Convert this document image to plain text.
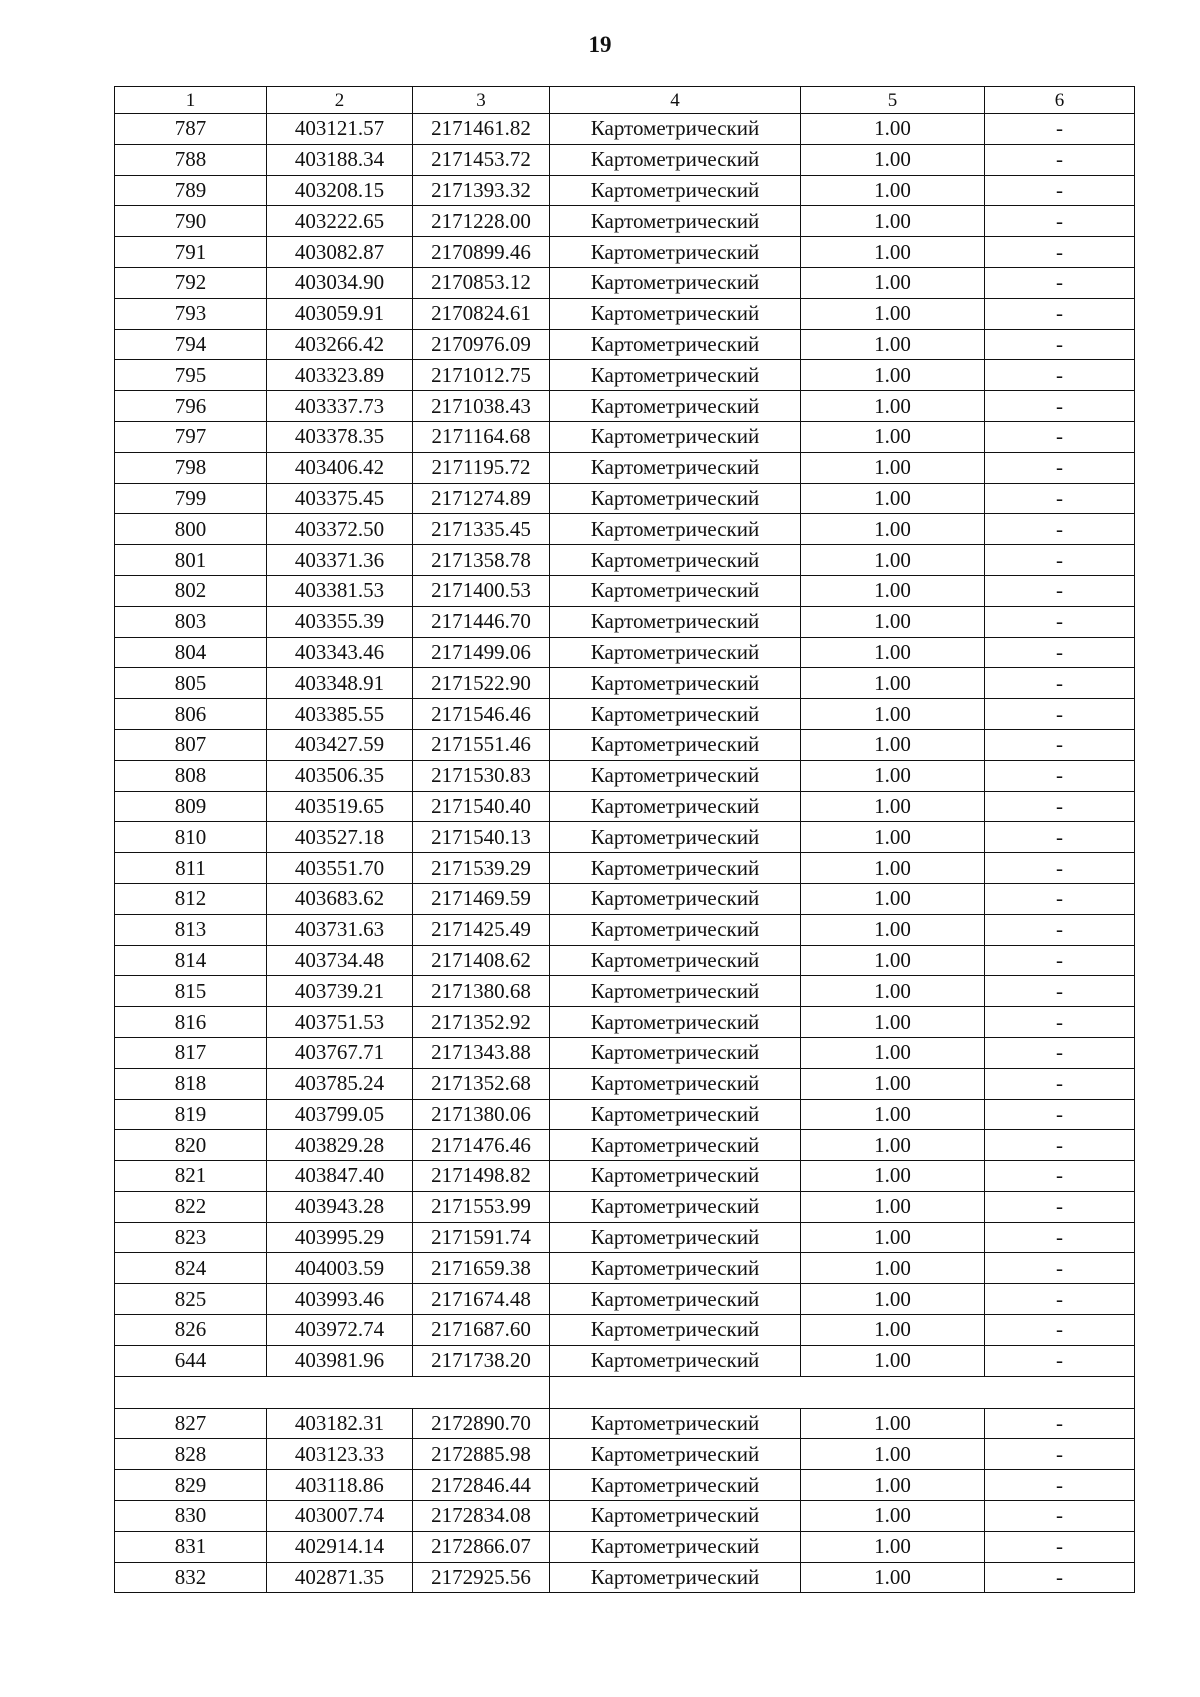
19
1	2	3	4	5	6
787	403121.57	2171461.82	Картометрический	1.00	-
788	403188.34	2171453.72	Картометрический	1.00	-
789	403208.15	2171393.32	Картометрический	1.00	-
790	403222.65	2171228.00	Картометрический	1.00	-
791	403082.87	2170899.46	Картометрический	1.00	-
792	403034.90	2170853.12	Картометрический	1.00	-
793	403059.91	2170824.61	Картометрический	1.00	-
794	403266.42	2170976.09	Картометрический	1.00	-
795	403323.89	2171012.75	Картометрический	1.00	-
796	403337.73	2171038.43	Картометрический	1.00	-
797	403378.35	2171164.68	Картометрический	1.00	-
798	403406.42	2171195.72	Картометрический	1.00	-
799	403375.45	2171274.89	Картометрический	1.00	-
800	403372.50	2171335.45	Картометрический	1.00	-
801	403371.36	2171358.78	Картометрический	1.00	-
802	403381.53	2171400.53	Картометрический	1.00	-
803	403355.39	2171446.70	Картометрический	1.00	-
804	403343.46	2171499.06	Картометрический	1.00	-
805	403348.91	2171522.90	Картометрический	1.00	-
806	403385.55	2171546.46	Картометрический	1.00	-
807	403427.59	2171551.46	Картометрический	1.00	-
808	403506.35	2171530.83	Картометрический	1.00	-
809	403519.65	2171540.40	Картометрический	1.00	-
810	403527.18	2171540.13	Картометрический	1.00	-
811	403551.70	2171539.29	Картометрический	1.00	-
812	403683.62	2171469.59	Картометрический	1.00	-
813	403731.63	2171425.49	Картометрический	1.00	-
814	403734.48	2171408.62	Картометрический	1.00	-
815	403739.21	2171380.68	Картометрический	1.00	-
816	403751.53	2171352.92	Картометрический	1.00	-
817	403767.71	2171343.88	Картометрический	1.00	-
818	403785.24	2171352.68	Картометрический	1.00	-
819	403799.05	2171380.06	Картометрический	1.00	-
820	403829.28	2171476.46	Картометрический	1.00	-
821	403847.40	2171498.82	Картометрический	1.00	-
822	403943.28	2171553.99	Картометрический	1.00	-
823	403995.29	2171591.74	Картометрический	1.00	-
824	404003.59	2171659.38	Картометрический	1.00	-
825	403993.46	2171674.48	Картометрический	1.00	-
826	403972.74	2171687.60	Картометрический	1.00	-
644	403981.96	2171738.20	Картометрический	1.00	-

827	403182.31	2172890.70	Картометрический	1.00	-
828	403123.33	2172885.98	Картометрический	1.00	-
829	403118.86	2172846.44	Картометрический	1.00	-
830	403007.74	2172834.08	Картометрический	1.00	-
831	402914.14	2172866.07	Картометрический	1.00	-
832	402871.35	2172925.56	Картометрический	1.00	-
